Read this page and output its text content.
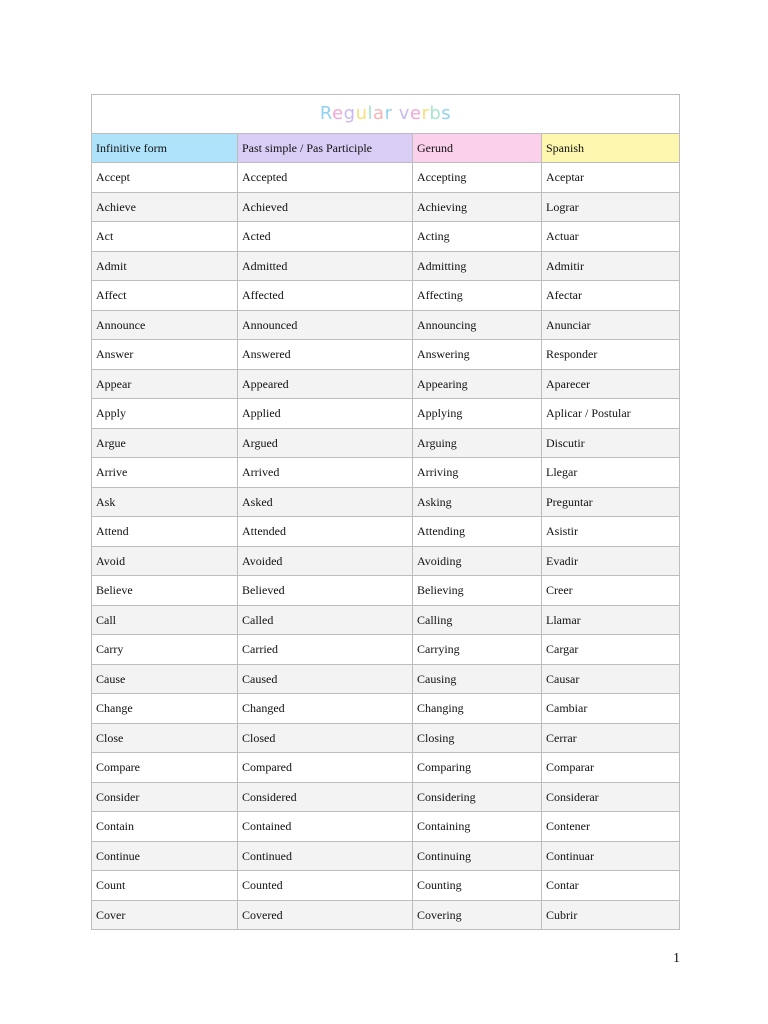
Regular verbs			
Infinitive form	Past simple / Pas Participle	Gerund	Spanish
Accept	Accepted	Accepting	Aceptar
Achieve	Achieved	Achieving	Lograr
Act	Acted	Acting	Actuar
Admit	Admitted	Admitting	Admitir
Affect	Affected	Affecting	Afectar
Announce	Announced	Announcing	Anunciar
Answer	Answered	Answering	Responder
Appear	Appeared	Appearing	Aparecer
Apply	Applied	Applying	Aplicar / Postular
Argue	Argued	Arguing	Discutir
Arrive	Arrived	Arriving	Llegar
Ask	Asked	Asking	Preguntar
Attend	Attended	Attending	Asistir
Avoid	Avoided	Avoiding	Evadir
Believe	Believed	Believing	Creer
Call	Called	Calling	Llamar
Carry	Carried	Carrying	Cargar
Cause	Caused	Causing	Causar
Change	Changed	Changing	Cambiar
Close	Closed	Closing	Cerrar
Compare	Compared	Comparing	Comparar
Consider	Considered	Considering	Considerar
Contain	Contained	Containing	Contener
Continue	Continued	Continuing	Continuar
Count	Counted	Counting	Contar
Cover	Covered	Covering	Cubrir
1
